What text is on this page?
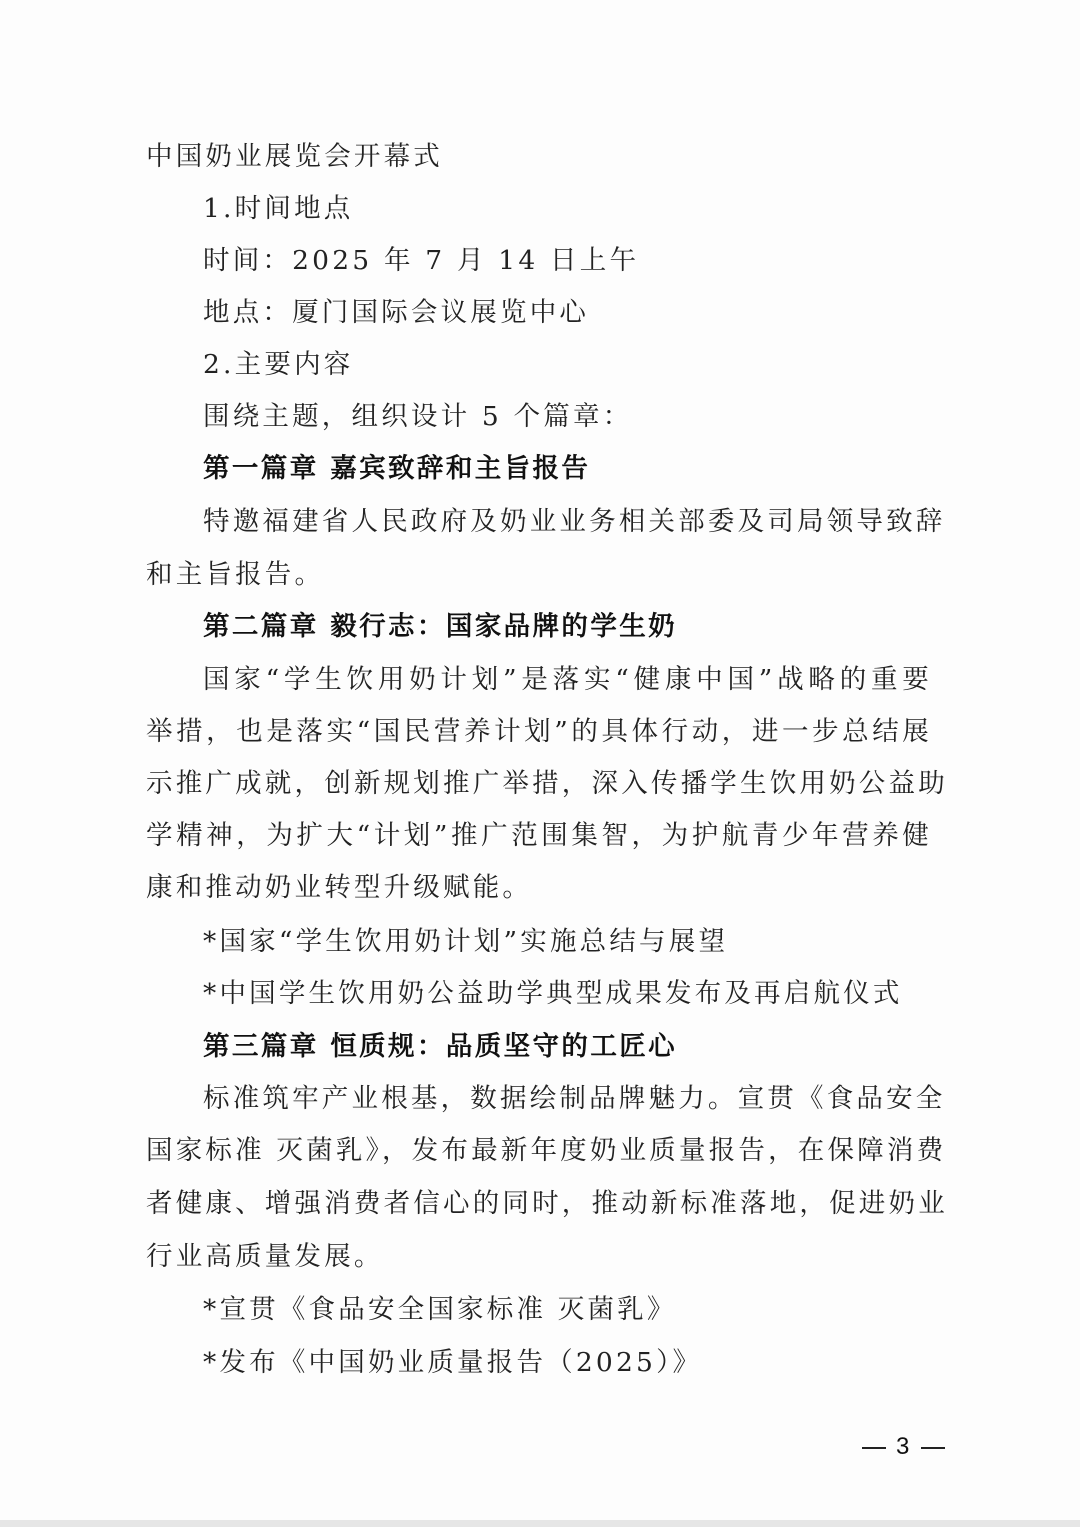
中国奶业展览会开幕式
1.时间地点
时间：2025 年 7 月 14 日上午
地点：厦门国际会议展览中心
2.主要内容
围绕主题，组织设计 5 个篇章：
第一篇章 嘉宾致辞和主旨报告
特邀福建省人民政府及奶业业务相关部委及司局领导致辞
和主旨报告。
第二篇章 毅行志：国家品牌的学生奶
国家“学生饮用奶计划”是落实“健康中国”战略的重要
举措，也是落实“国民营养计划”的具体行动，进一步总结展
示推广成就，创新规划推广举措，深入传播学生饮用奶公益助
学精神，为扩大“计划”推广范围集智，为护航青少年营养健
康和推动奶业转型升级赋能。
*国家“学生饮用奶计划”实施总结与展望
*中国学生饮用奶公益助学典型成果发布及再启航仪式
第三篇章 恒质规：品质坚守的工匠心
标准筑牢产业根基，数据绘制品牌魅力。宣贯《食品安全
国家标准 灭菌乳》，发布最新年度奶业质量报告，在保障消费
者健康、增强消费者信心的同时，推动新标准落地，促进奶业
行业高质量发展。
*宣贯《食品安全国家标准 灭菌乳》
*发布《中国奶业质量报告（2025）》
3
